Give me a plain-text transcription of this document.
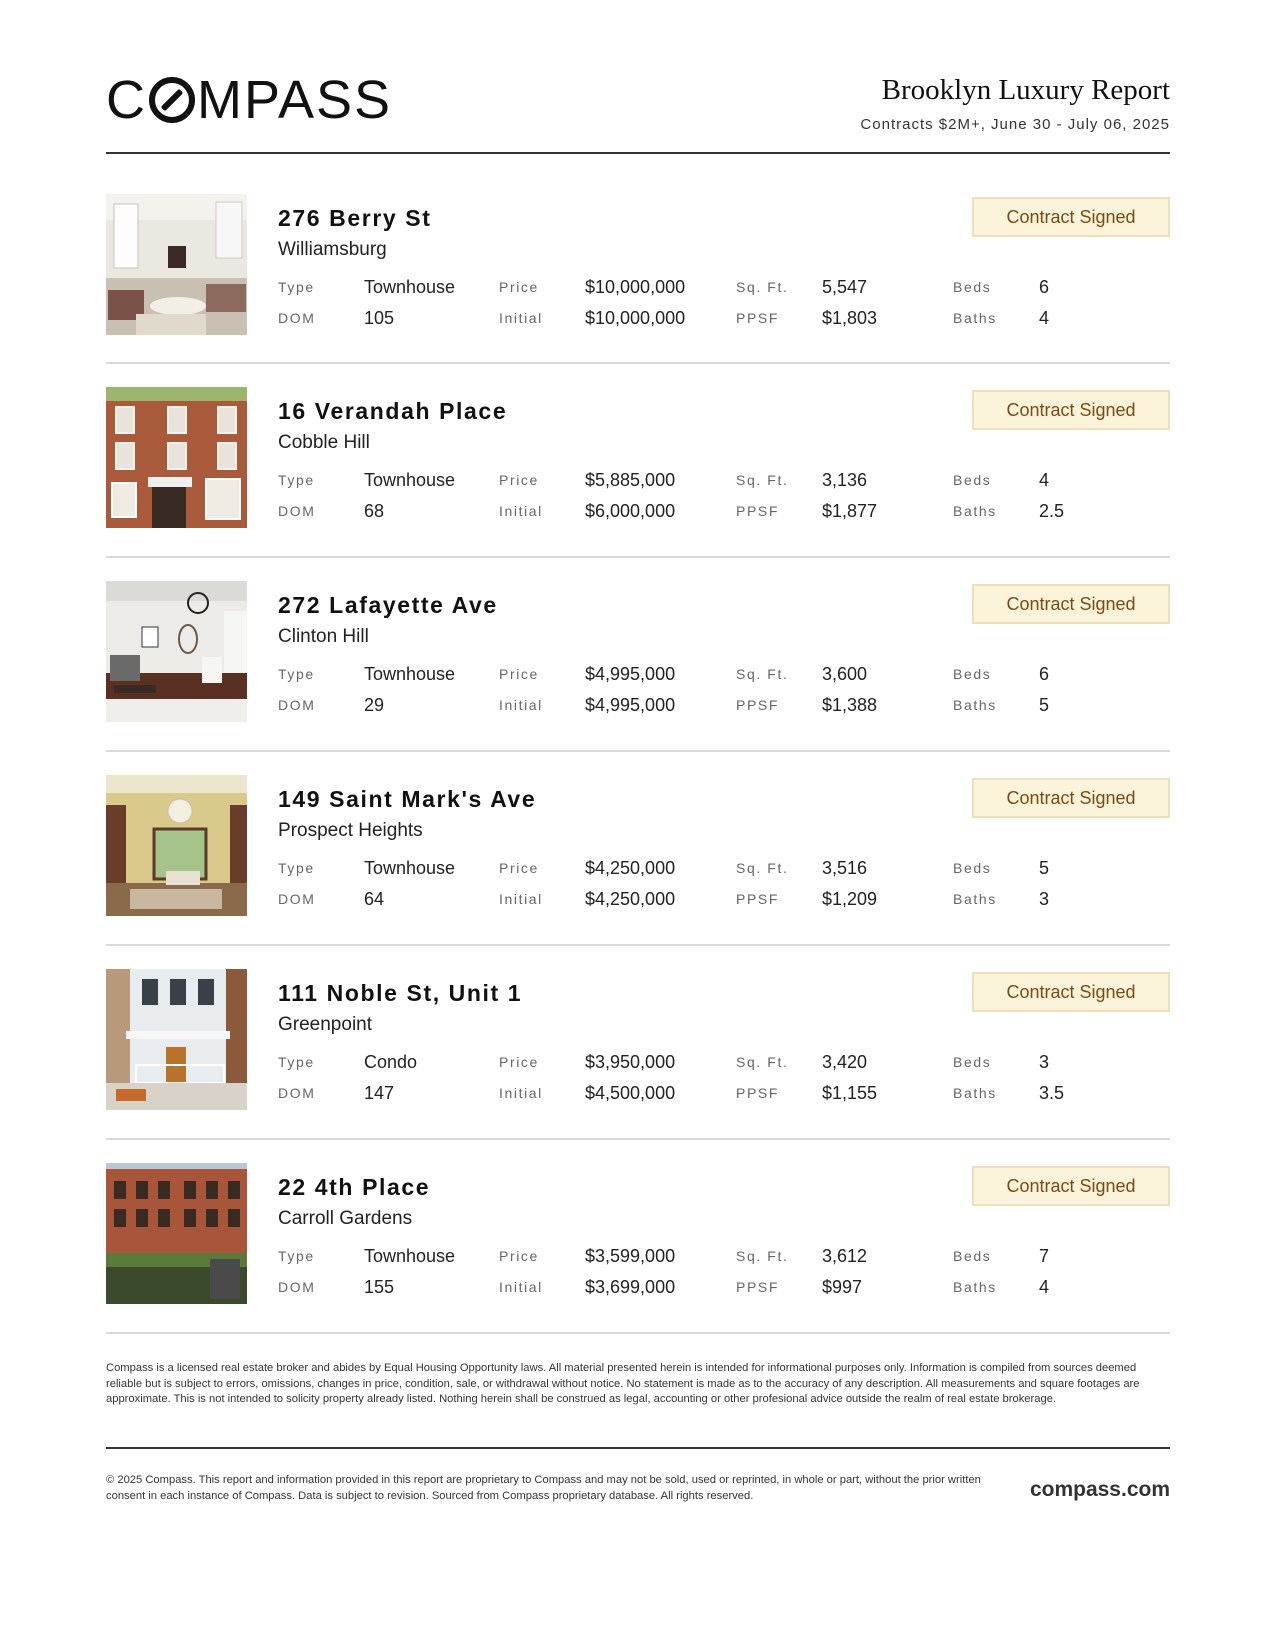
C MPASS	Brooklyn Luxury Report
Contracts $2M+, June 30 - July 06, 2025
276 Berry St
Williamsburg
Contract Signed
Type	Townhouse	Price	$10,000,000	Sq. Ft. 5,547	Beds	6
DOM	105	Initial $10,000,000	PPSF $1,803	Baths 4
16 Verandah Place
Cobble Hill
Contract Signed
Type	Townhouse	Price	$5,885,000	Sq. Ft. 3,136	Beds	4
DOM	68	Initial $6,000,000	PPSF $1,877	Baths 2.5
272 Lafayette Ave
Clinton Hill
Contract Signed
Type	Townhouse	Price	$4,995,000	Sq. Ft. 3,600	Beds	6
DOM	29	Initial $4,995,000	PPSF $1,388	Baths 5
149 Saint Mark's Ave
Prospect Heights
Contract Signed
Type	Townhouse	Price	$4,250,000	Sq. Ft. 3,516	Beds	5
DOM	64	Initial $4,250,000	PPSF $1,209	Baths 3
111 Noble St, Unit 1
Greenpoint
Contract Signed
Type	Condo	Price	$3,950,000	Sq. Ft. 3,420	Beds	3
DOM	147	Initial $4,500,000	PPSF $1,155	Baths 3.5
22 4th Place
Carroll Gardens
Contract Signed
Type	Townhouse	Price	$3,599,000	Sq. Ft. 3,612	Beds	7
DOM	155	Initial $3,699,000	PPSF $997	Baths 4
Compass is a licensed real estate broker and abides by Equal Housing Opportunity laws. All material presented herein is intended for informational purposes only. Information is compiled from sources deemed reliable but is subject to errors, omissions, changes in price, condition, sale, or withdrawal without notice. No statement is made as to the accuracy of any description. All measurements and square footages are approximate. This is not intended to solicity property already listed. Nothing herein shall be construed as legal, accounting or other profesional advice outside the realm of real estate brokerage.
© 2025 Compass. This report and information provided in this report are proprietary to Compass and may not be sold, used or reprinted, in whole or part, without the prior written consent in each instance of Compass. Data is subject to revision. Sourced from Compass proprietary database. All rights reserved.	compass.com
